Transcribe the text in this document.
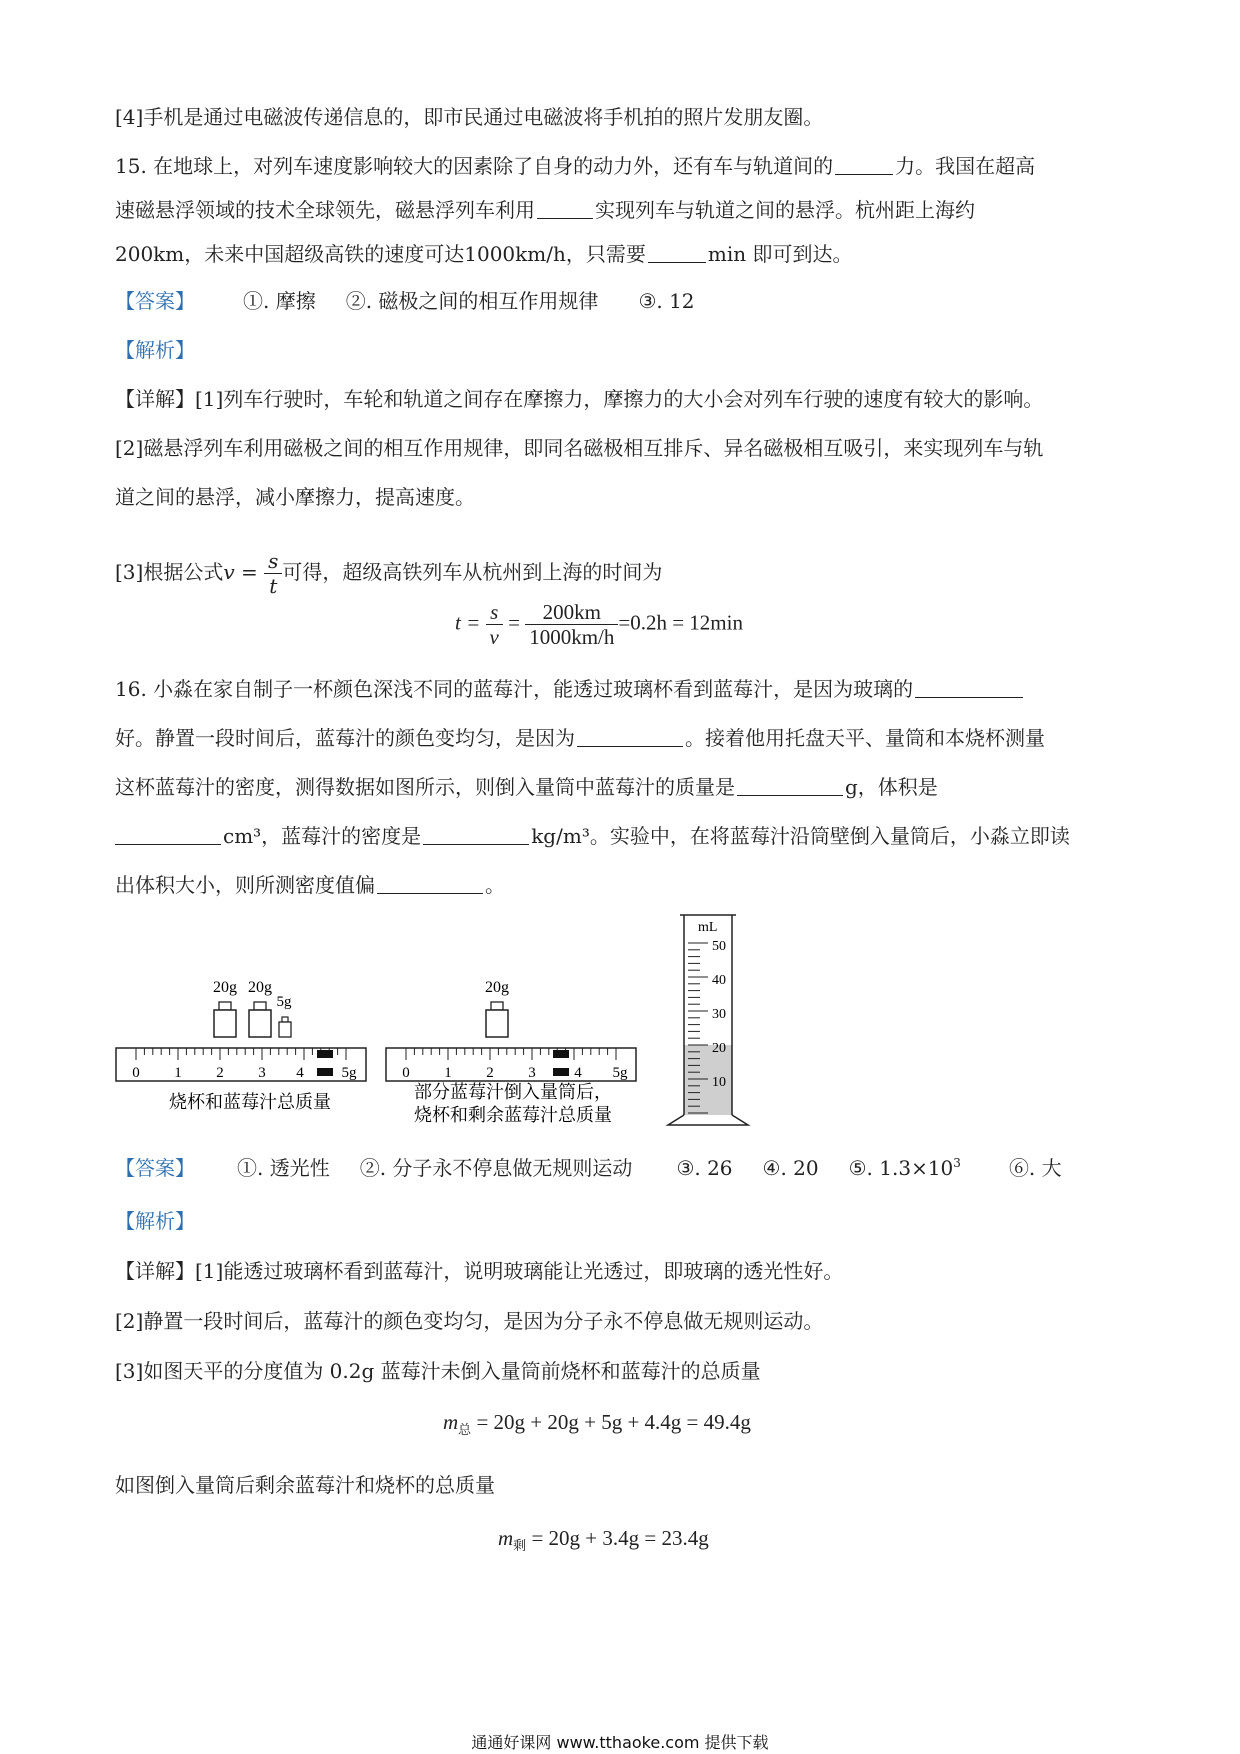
[4]手机是通过电磁波传递信息的，即市民通过电磁波将手机拍的照片发朋友圈。
15. 在地球上，对列车速度影响较大的因素除了自身的动力外，还有车与轨道间的	力。我国在超高
速磁悬浮领域的技术全球领先，磁悬浮列车利用	实现列车与轨道之间的悬浮。杭州距上海约
200km，未来中国超级高铁的速度可达1000km/h，只需要	min 即可到达。
【答案】 ①. 摩擦 ②. 磁极之间的相互作用规律 ③. 12
【解析】
【详解】[1]列车行驶时，车轮和轨道之间存在摩擦力，摩擦力的大小会对列车行驶的速度有较大的影响。
[2]磁悬浮列车利用磁极之间的相互作用规律，即同名磁极相互排斥、异名磁极相互吸引，来实现列车与轨
道之间的悬浮，减小摩擦力，提高速度。
[3]根据公式$v = \frac{s}{t}$ 可得，超级高铁列车从杭州到上海的时间为
$t = \frac{s}{v} = \frac{200km}{1000km/h} =0.2h = 12\min$
16. 小淼在家自制子一杯颜色深浅不同的蓝莓汁，能透过玻璃杯看到蓝莓汁，是因为玻璃的
好。静置一段时间后，蓝莓汁的颜色变均匀，是因为	。接着他用托盘天平、量筒和本烧杯测量
这杯蓝莓汁的密度，测得数据如图所示，则倒入量筒中蓝莓汁的质量是	g，体积是
cm³，蓝莓汁的密度是	kg/m³。实验中，在将蓝莓汁沿筒壁倒入量筒后，小淼立即读
出体积大小，则所测密度值偏	。
0 1 2 3 4	5g
20g 20g
5g
烧杯和蓝莓汁总质量
0 1 2 3	4 5g
20g
部分蓝莓汁倒入量筒后，
烧杯和剩余蓝莓汁总质量
mL
50
40
30
20
10
【答案】 ①. 透光性 ②. 分子永不停息做无规则运动 ③. 26 ④. 20 ⑤. $1.3\times 10^3$ ⑥. 大
【解析】
【详解】[1]能透过玻璃杯看到蓝莓汁，说明玻璃能让光透过，即玻璃的透光性好。
[2]静置一段时间后，蓝莓汁的颜色变均匀，是因为分子永不停息做无规则运动。
[3]如图天平的分度值为 0.2g 蓝莓汁未倒入量筒前烧杯和蓝莓汁的总质量
$m_总 = 20g + 20g + 5g + 4.4g = 49.4g$
如图倒入量筒后剩余蓝莓汁和烧杯的总质量
$m_剩 = 20g + 3.4g = 23.4g$
通通好课网 www.tthaoke.com 提供下载
